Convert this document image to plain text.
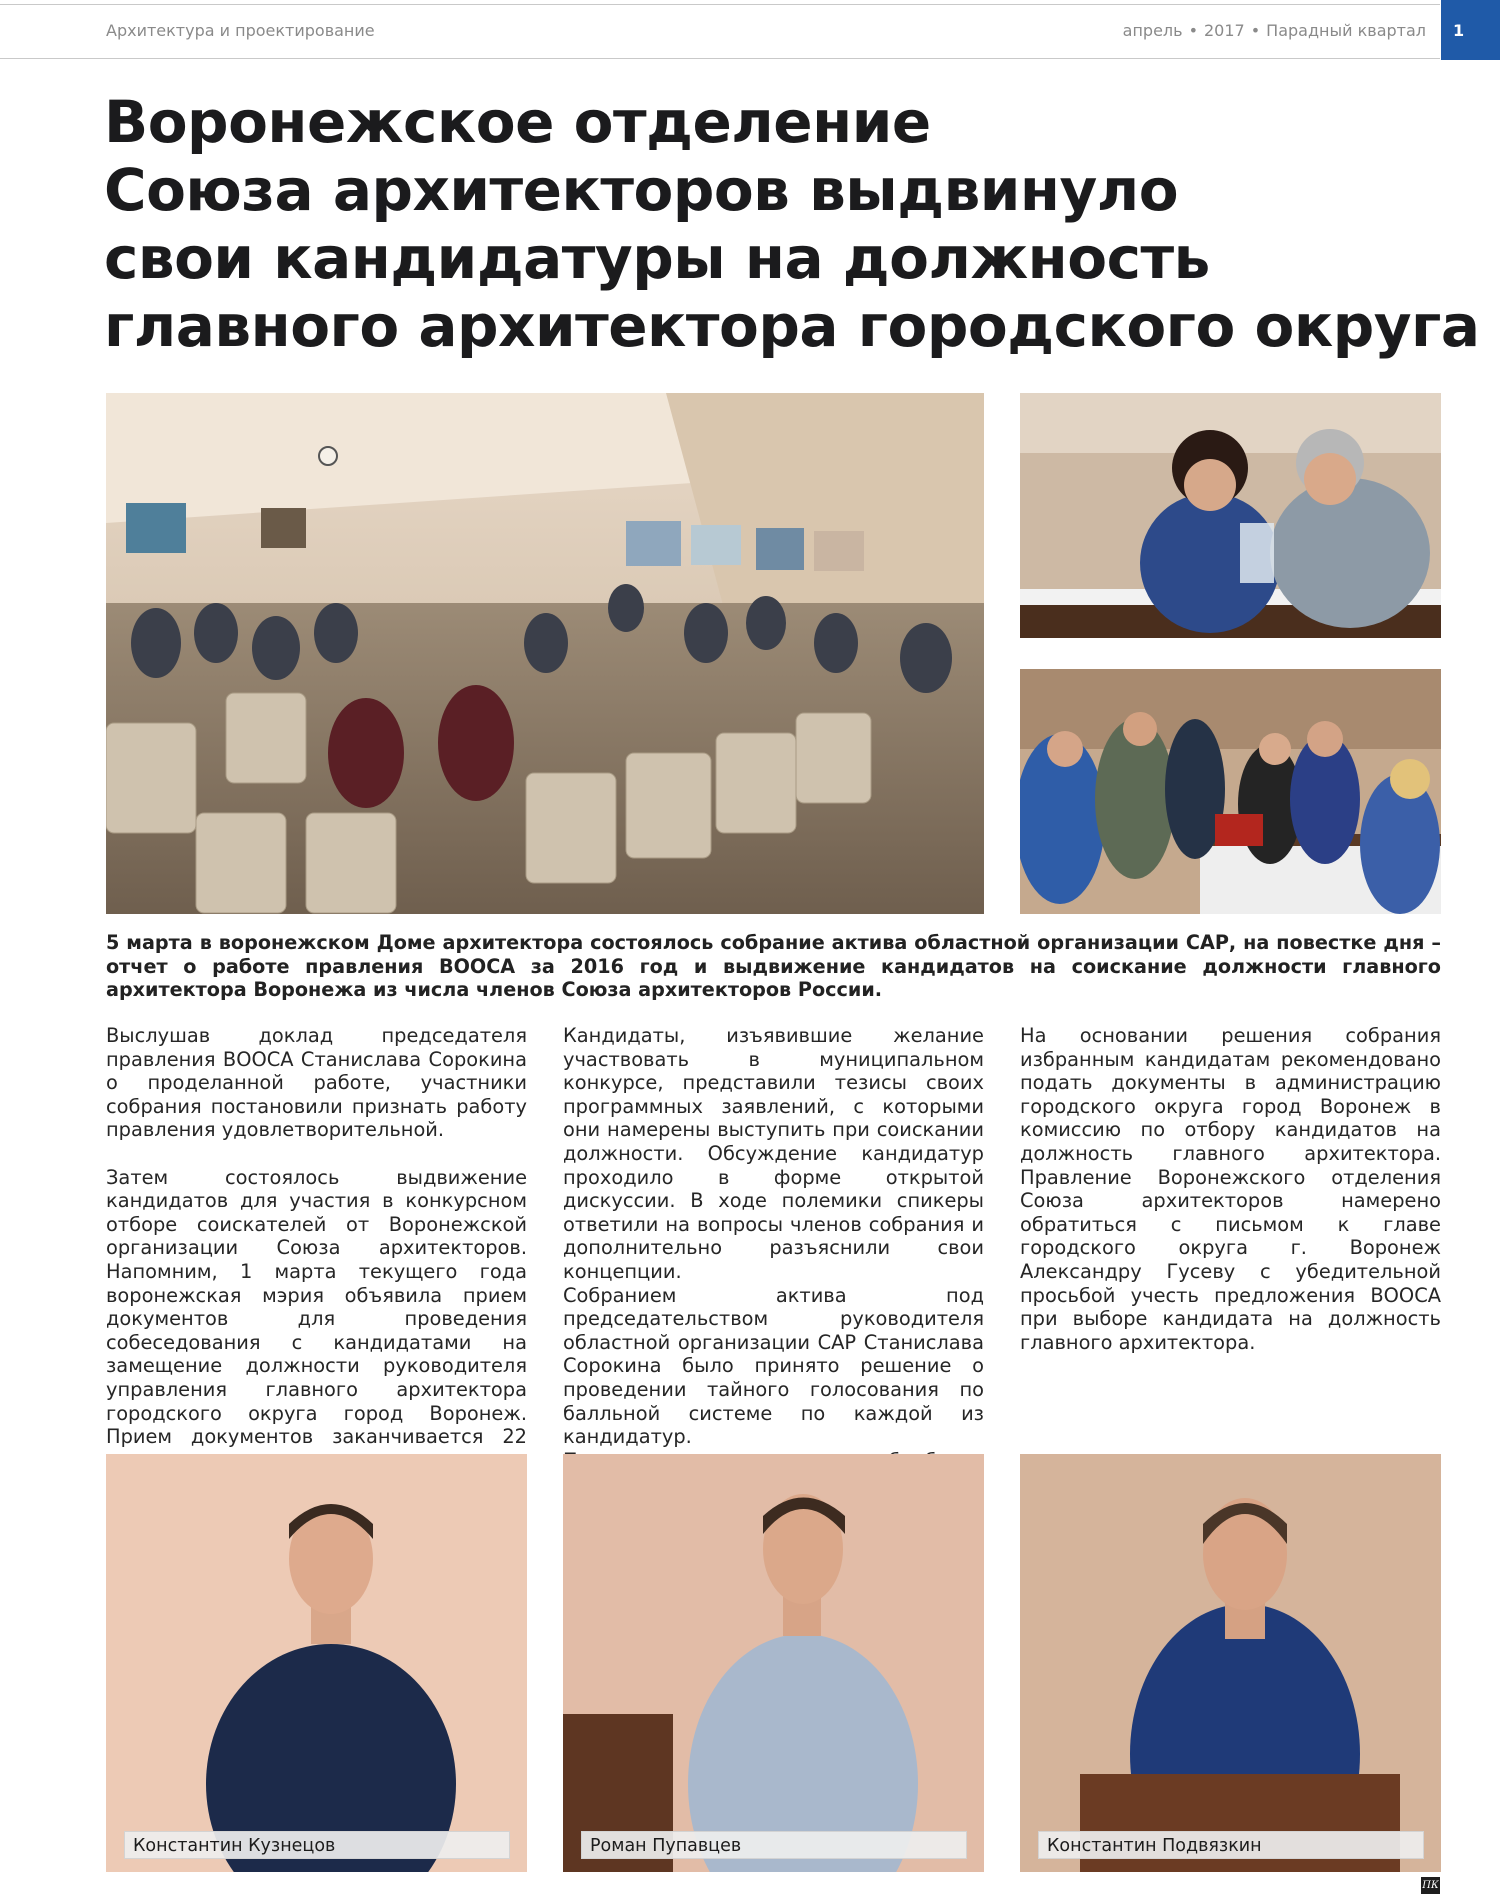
Архитектура и проектирование	апрель • 2017 • Парадный квартал 1
Воронежское отделение
Союза архитекторов выдвинуло
свои кандидатуры на должность
главного архитектора городского округа

5 марта в воронежском Доме архитектора состоялось собрание актива областной организации САР, на повестке дня – отчет о работе правления ВООСА за 2016 год и выдвижение кандидатов на соискание должности главного архитектора Воронежа из числа членов Союза архитекторов России.

Выслушав доклад председателя правления ВООСА Станислава Сорокина о проделанной работе, участники собрания постановили признать работу правления удовлетворительной.

Затем состоялось выдвижение кандидатов для участия в конкурсном отборе соискателей от Воронежской организации Союза архитекторов. Напомним, 1 марта текущего года воронежская мэрия объявила прием документов для проведения собеседования с кандидатами на замещение должности руководителя управления главного архитектора городского округа город Воронеж. Прием документов заканчивается 22

Кандидаты, изъявившие желание участвовать в муниципальном конкурсе, представили тезисы своих программных заявлений, с которыми они намерены выступить при соискании должности. Обсуждение кандидатур проходило в форме открытой дискуссии. В ходе полемики спикеры ответили на вопросы членов собрания и дополнительно разъяснили свои концепции.

Собранием актива под председательством руководителя областной организации САР Станислава Сорокина было принято решение о проведении тайного голосования по балльной системе по каждой из кандидатур.

На основании решения собрания избранным кандидатам рекомендовано подать документы в администрацию городского округа город Воронеж в комиссию по отбору кандидатов на должность главного архитектора. Правление Воронежского отделения Союза архитекторов намерено обратиться с письмом к главе городского округа г. Воронеж Александру Гусеву с убедительной просьбой учесть предложения ВООСА при выборе кандидата на должность главного архитектора.

Константин Кузнецов	Роман Пупавцев	Константин Подвязкин
ПК
